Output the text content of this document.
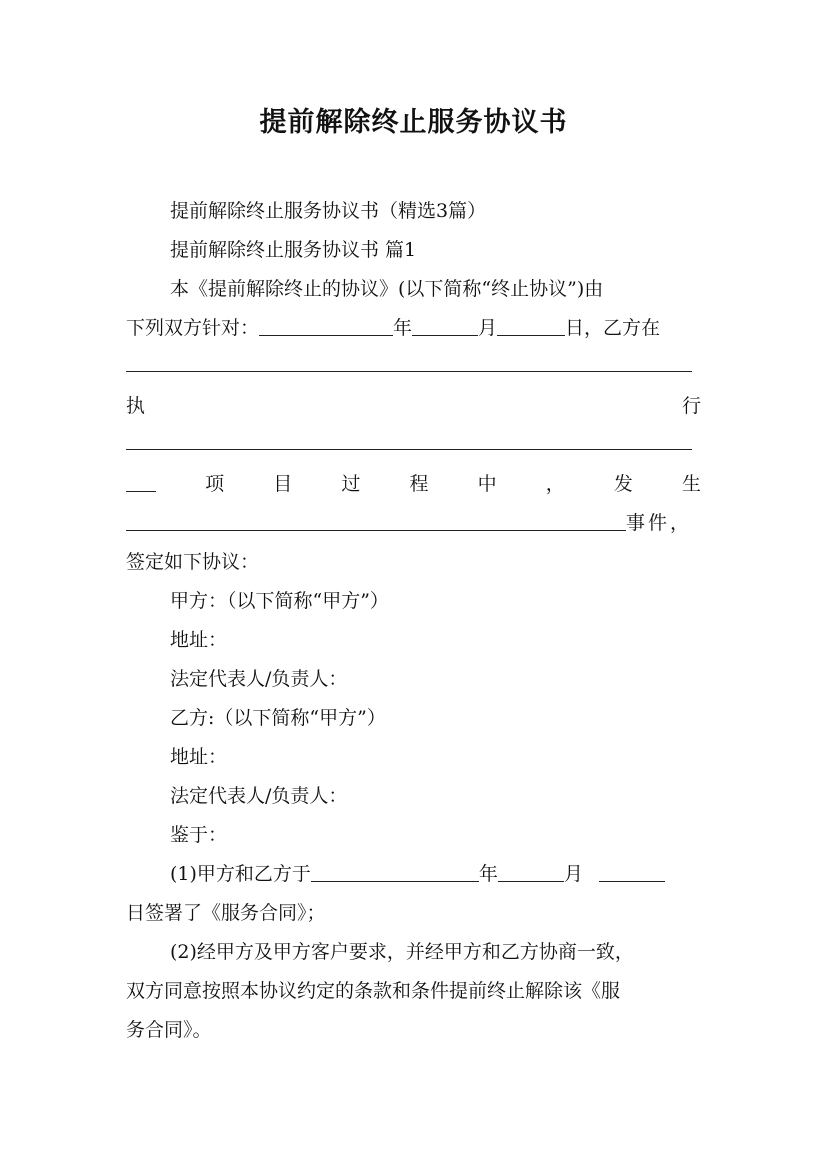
提前解除终止服务协议书
提前解除终止服务协议书（精选3篇）
提前解除终止服务协议书 篇1
本《提前解除终止的协议》(以下简称“终止协议”)由
下列双方针对：	年	月	日，乙方在
执	行
项	目	过	程	中	，	发	生
事件，
签定如下协议：
甲方：（以下简称“甲方”）
地址：
法定代表人/负责人：
乙方:（以下简称“甲方”）
地址：
法定代表人/负责人：
鉴于：
(1)甲方和乙方于	年	月
日签署了《服务合同》；
(2)经甲方及甲方客户要求，并经甲方和乙方协商一致，
双方同意按照本协议约定的条款和条件提前终止解除该《服
务合同》。
